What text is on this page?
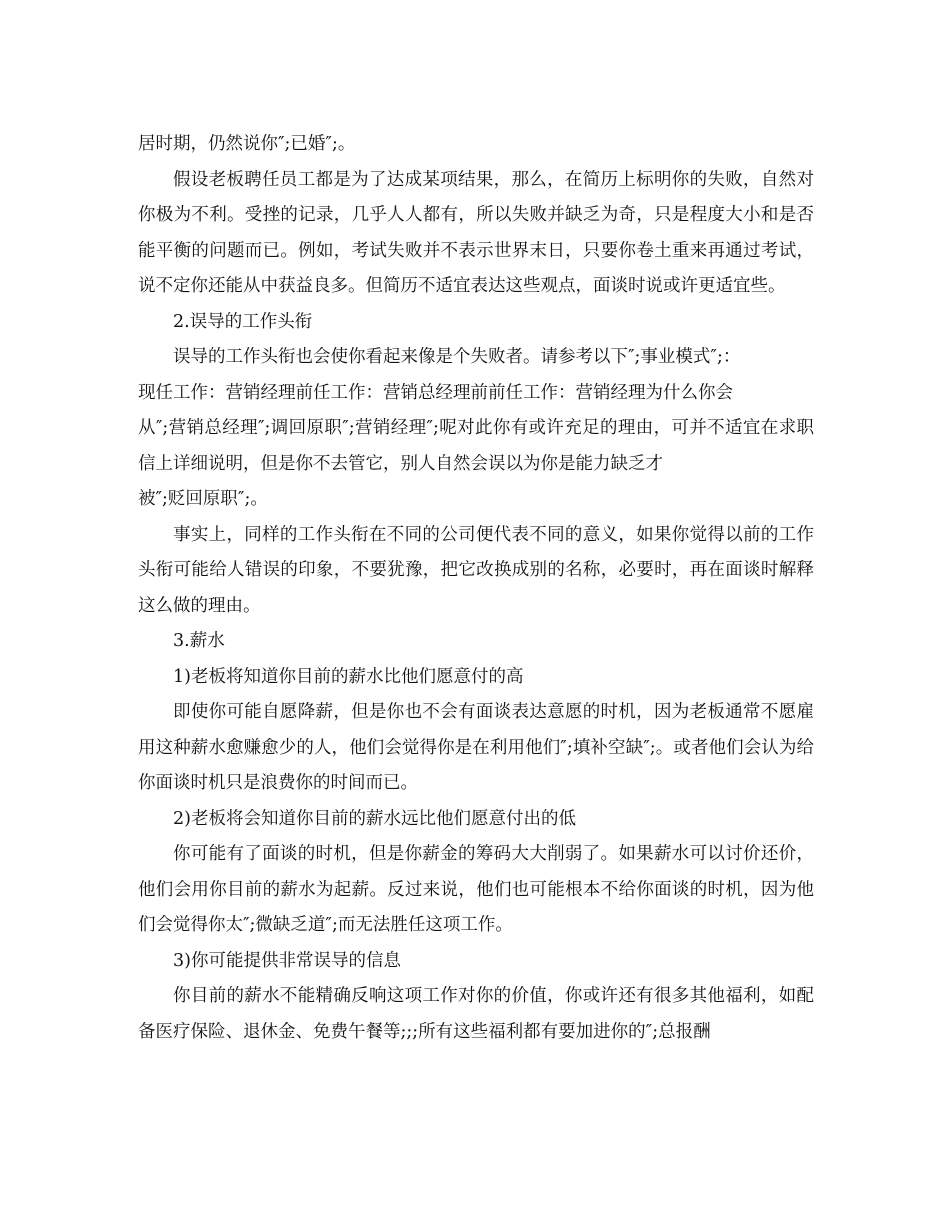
居时期，仍然说你″;已婚″;。

假设老板聘任员工都是为了达成某项结果，那么，在简历上标明你的失败，自然对你极为不利。受挫的记录，几乎人人都有，所以失败并缺乏为奇，只是程度大小和是否能平衡的问题而已。例如，考试失败并不表示世界末日，只要你卷土重来再通过考试，说不定你还能从中获益良多。但简历不适宜表达这些观点，面谈时说或许更适宜些。

2.误导的工作头衔

误导的工作头衔也会使你看起来像是个失败者。请参考以下″;事业模式″;：

现任工作：营销经理前任工作：营销总经理前前任工作：营销经理为什么你会

从″;营销总经理″;调回原职″;营销经理″;呢对此你有或许充足的理由，可并不适宜在求职信上详细说明，但是你不去管它，别人自然会误以为你是能力缺乏才

被″;贬回原职″;。

事实上，同样的工作头衔在不同的公司便代表不同的意义，如果你觉得以前的工作头衔可能给人错误的印象，不要犹豫，把它改换成别的名称，必要时，再在面谈时解释这么做的理由。

3.薪水

1)老板将知道你目前的薪水比他们愿意付的高

即使你可能自愿降薪，但是你也不会有面谈表达意愿的时机，因为老板通常不愿雇用这种薪水愈赚愈少的人，他们会觉得你是在利用他们″;填补空缺″;。或者他们会认为给你面谈时机只是浪费你的时间而已。

2)老板将会知道你目前的薪水远比他们愿意付出的低

你可能有了面谈的时机，但是你薪金的筹码大大削弱了。如果薪水可以讨价还价，他们会用你目前的薪水为起薪。反过来说，他们也可能根本不给你面谈的时机，因为他们会觉得你太″;微缺乏道″;而无法胜任这项工作。

3)你可能提供非常误导的信息

你目前的薪水不能精确反响这项工作对你的价值，你或许还有很多其他福利，如配备医疗保险、退休金、免费午餐等;;;所有这些福利都有要加进你的″;总报酬
